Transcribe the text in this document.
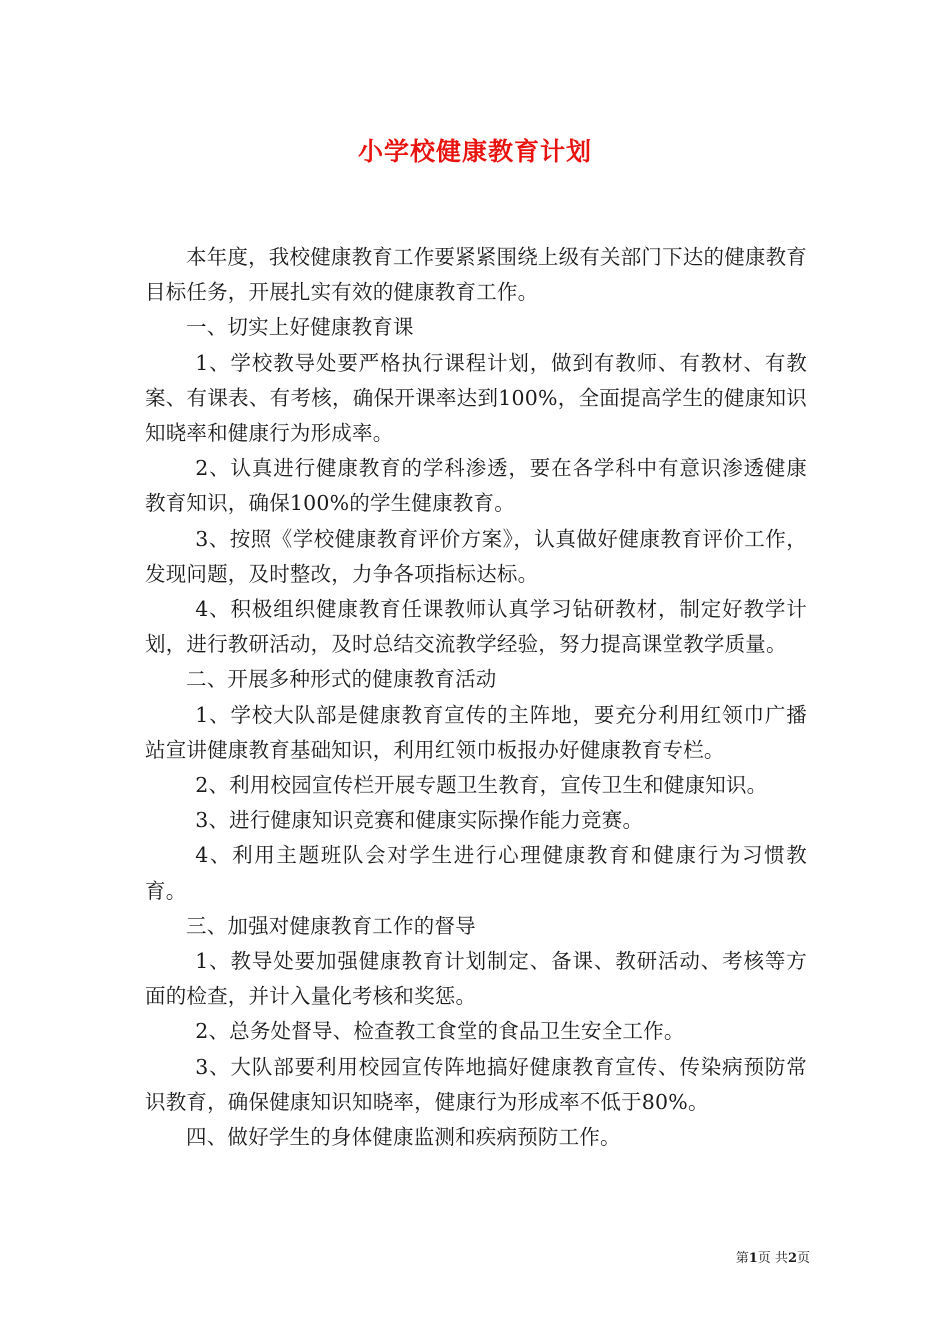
小学校健康教育计划

本年度，我校健康教育工作要紧紧围绕上级有关部门下达的健康教育目标任务，开展扎实有效的健康教育工作。

一、切实上好健康教育课

1、学校教导处要严格执行课程计划，做到有教师、有教材、有教案、有课表、有考核，确保开课率达到100%，全面提高学生的健康知识知晓率和健康行为形成率。

2、认真进行健康教育的学科渗透，要在各学科中有意识渗透健康教育知识，确保100%的学生健康教育。

3、按照《学校健康教育评价方案》，认真做好健康教育评价工作，发现问题，及时整改，力争各项指标达标。

4、积极组织健康教育任课教师认真学习钻研教材，制定好教学计划，进行教研活动，及时总结交流教学经验，努力提高课堂教学质量。

二、开展多种形式的健康教育活动

1、学校大队部是健康教育宣传的主阵地，要充分利用红领巾广播站宣讲健康教育基础知识，利用红领巾板报办好健康教育专栏。

2、利用校园宣传栏开展专题卫生教育，宣传卫生和健康知识。

3、进行健康知识竞赛和健康实际操作能力竞赛。

4、利用主题班队会对学生进行心理健康教育和健康行为习惯教育。

三、加强对健康教育工作的督导

1、教导处要加强健康教育计划制定、备课、教研活动、考核等方面的检查，并计入量化考核和奖惩。

2、总务处督导、检查教工食堂的食品卫生安全工作。

3、大队部要利用校园宣传阵地搞好健康教育宣传、传染病预防常识教育，确保健康知识知晓率，健康行为形成率不低于80%。

四、做好学生的身体健康监测和疾病预防工作。

第1页 共2页
